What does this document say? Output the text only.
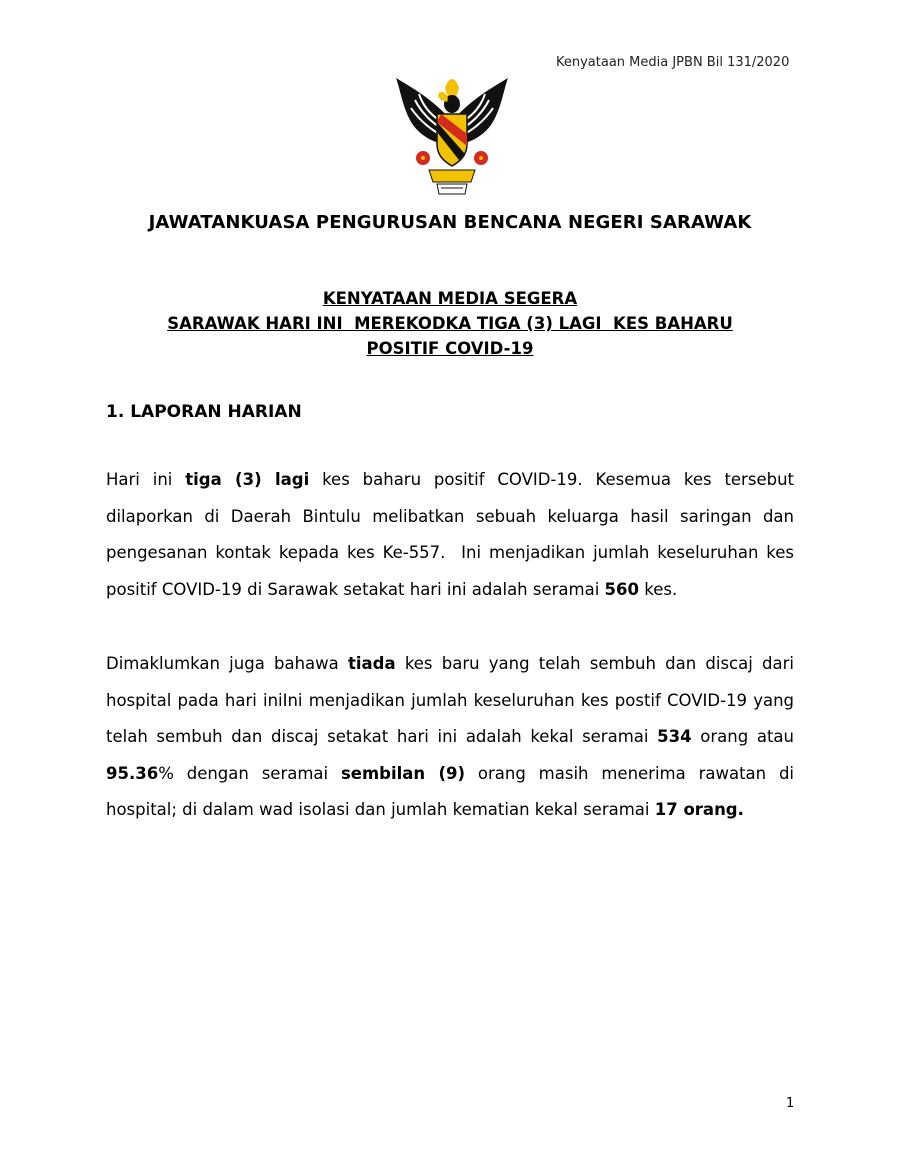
Kenyataan Media JPBN Bil 131/2020
JAWATANKUASA PENGURUSAN BENCANA NEGERI SARAWAK
KENYATAAN MEDIA SEGERA
SARAWAK HARI INI  MEREKODKA TIGA (3) LAGI  KES BAHARU
POSITIF COVID-19
1. LAPORAN HARIAN
Hari ini tiga (3) lagi kes baharu positif COVID-19. Kesemua kes tersebut dilaporkan di Daerah Bintulu melibatkan sebuah keluarga hasil saringan dan pengesanan kontak kepada kes Ke-557.  Ini menjadikan jumlah keseluruhan kes positif COVID-19 di Sarawak setakat hari ini adalah seramai 560 kes.
Dimaklumkan juga bahawa tiada kes baru yang telah sembuh dan discaj dari hospital pada hari iniIni menjadikan jumlah keseluruhan kes postif COVID-19 yang telah sembuh dan discaj setakat hari ini adalah kekal seramai 534 orang atau 95.36% dengan seramai sembilan (9) orang masih menerima rawatan di hospital; di dalam wad isolasi dan jumlah kematian kekal seramai 17 orang.
1
